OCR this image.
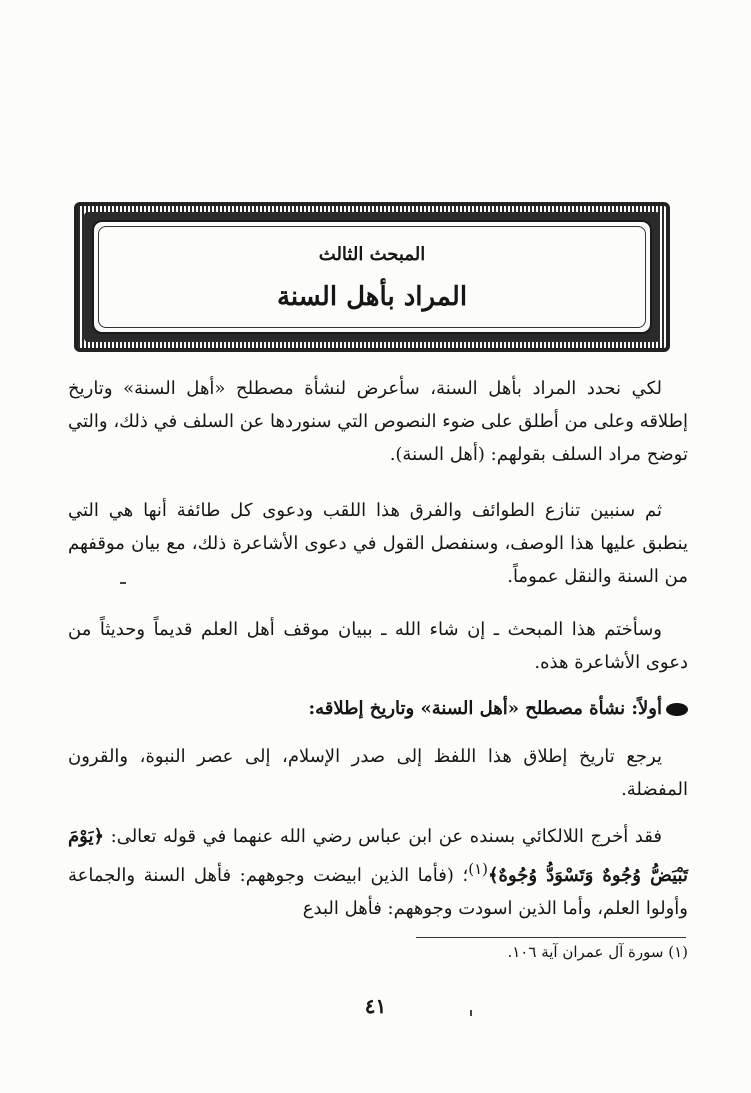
المبحث الثالث
المراد بأهل السنة
لكي نحدد المراد بأهل السنة، سأعرض لنشأة مصطلح «أهل السنة» وتاريخ إطلاقه وعلى من أطلق على ضوء النصوص التي سنوردها عن السلف في ذلك، والتي توضح مراد السلف بقولهم: (أهل السنة).
ثم سنبين تنازع الطوائف والفرق هذا اللقب ودعوى كل طائفة أنها هي التي ينطبق عليها هذا الوصف، وسنفصل القول في دعوى الأشاعرة ذلك، مع بيان موقفهم من السنة والنقل عموماً.
وسأختم هذا المبحث ـ إن شاء الله ـ ببيان موقف أهل العلم قديماً وحديثاً من دعوى الأشاعرة هذه.
أولاً: نشأة مصطلح «أهل السنة» وتاريخ إطلاقه:
يرجع تاريخ إطلاق هذا اللفظ إلى صدر الإسلام، إلى عصر النبوة، والقرون المفضلة.
فقد أخرج اللالكائي بسنده عن ابن عباس رضي الله عنهما في قوله تعالى: ﴿يَوْمَ تَبْيَضُّ وُجُوهٌ وَتَسْوَدُّ وُجُوهٌ﴾$^{(١)}$؛ (فأما الذين ابيضت وجوههم: فأهل السنة والجماعة وأولوا العلم، وأما الذين اسودت وجوههم: فأهل البدع
(١) سورة آل عمران آية ١٠٦.
٤١
